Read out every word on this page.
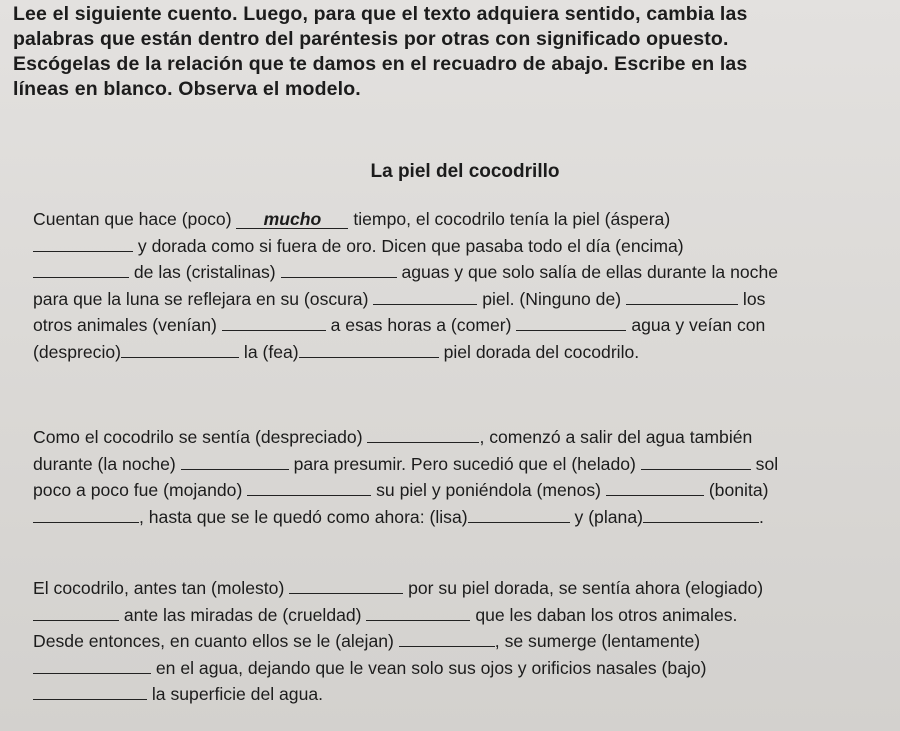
Lee el siguiente cuento. Luego, para que el texto adquiera sentido, cambia las

palabras que están dentro del paréntesis por otras con significado opuesto.

Escógelas de la relación que te damos en el recuadro de abajo. Escribe en las

líneas en blanco. Observa el modelo.

La piel del cocodrillo

Cuentan que hace (poco) mucho tiempo, el cocodrilo tenía la piel (áspera)

y dorada como si fuera de oro. Dicen que pasaba todo el día (encima)

de las (cristalinas)	aguas y que solo salía de ellas durante la noche

para que la luna se reflejara en su (oscura)	piel. (Ninguno de)	los

otros animales (venían)	a esas horas a (comer)	agua y veían con

(desprecio)	la (fea)	piel dorada del cocodrilo.

Como el cocodrilo se sentía (despreciado)	, comenzó a salir del agua también

durante (la noche)	para presumir. Pero sucedió que el (helado)	sol

poco a poco fue (mojando)	su piel y poniéndola (menos)	(bonita)

, hasta que se le quedó como ahora: (lisa)	y (plana)	.

El cocodrilo, antes tan (molesto)	por su piel dorada, se sentía ahora (elogiado)

ante las miradas de (crueldad)	que les daban los otros animales.

Desde entonces, en cuanto ellos se le (alejan)	, se sumerge (lentamente)

en el agua, dejando que le vean solo sus ojos y orificios nasales (bajo)

la superficie del agua.
